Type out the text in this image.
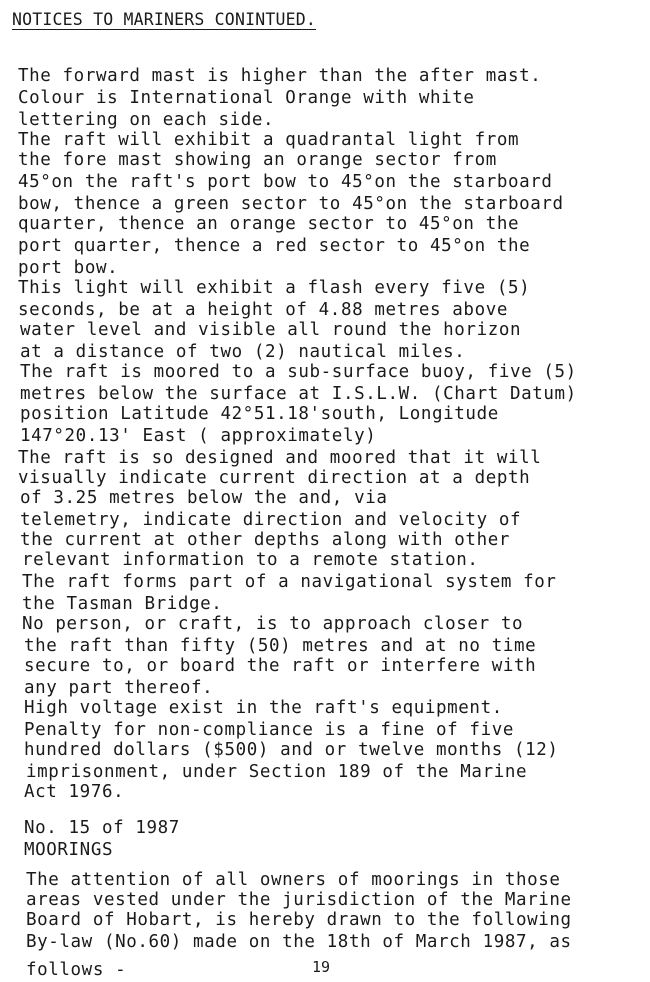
NOTICES TO MARINERS CONINTUED.
The forward mast is higher than the after mast.
Colour is International Orange with white
lettering on each side.
The raft will exhibit a quadrantal light from
the fore mast showing an orange sector from
45°on the raft's port bow to 45°on the starboard
bow, thence a green sector to 45°on the starboard
quarter, thence an orange sector to 45°on the
port quarter, thence a red sector to 45°on the
port bow.
This light will exhibit a flash every five (5)
seconds, be at a height of 4.88 metres above
water level and visible all round the horizon
at a distance of two (2) nautical miles.
The raft is moored to a sub-surface buoy, five (5)
metres below the surface at I.S.L.W. (Chart Datum)
position Latitude 42°51.18'south, Longitude
147°20.13' East ( approximately)
The raft is so designed and moored that it will
visually indicate current direction at a depth
of 3.25 metres below the and, via
telemetry, indicate direction and velocity of
the current at other depths along with other
relevant information to a remote station.
The raft forms part of a navigational system for
the Tasman Bridge.
No person, or craft, is to approach closer to
the raft than fifty (50) metres and at no time
secure to, or board the raft or interfere with
any part thereof.
High voltage exist in the raft's equipment.
Penalty for non-compliance is a fine of five
hundred dollars ($500) and or twelve months (12)
imprisonment, under Section 189 of the Marine
Act 1976.
No. 15 of 1987
MOORINGS
The attention of all owners of moorings in those
areas vested under the jurisdiction of the Marine
Board of Hobart, is hereby drawn to the following
By-law (No.60) made on the 18th of March 1987, as
follows -	19
